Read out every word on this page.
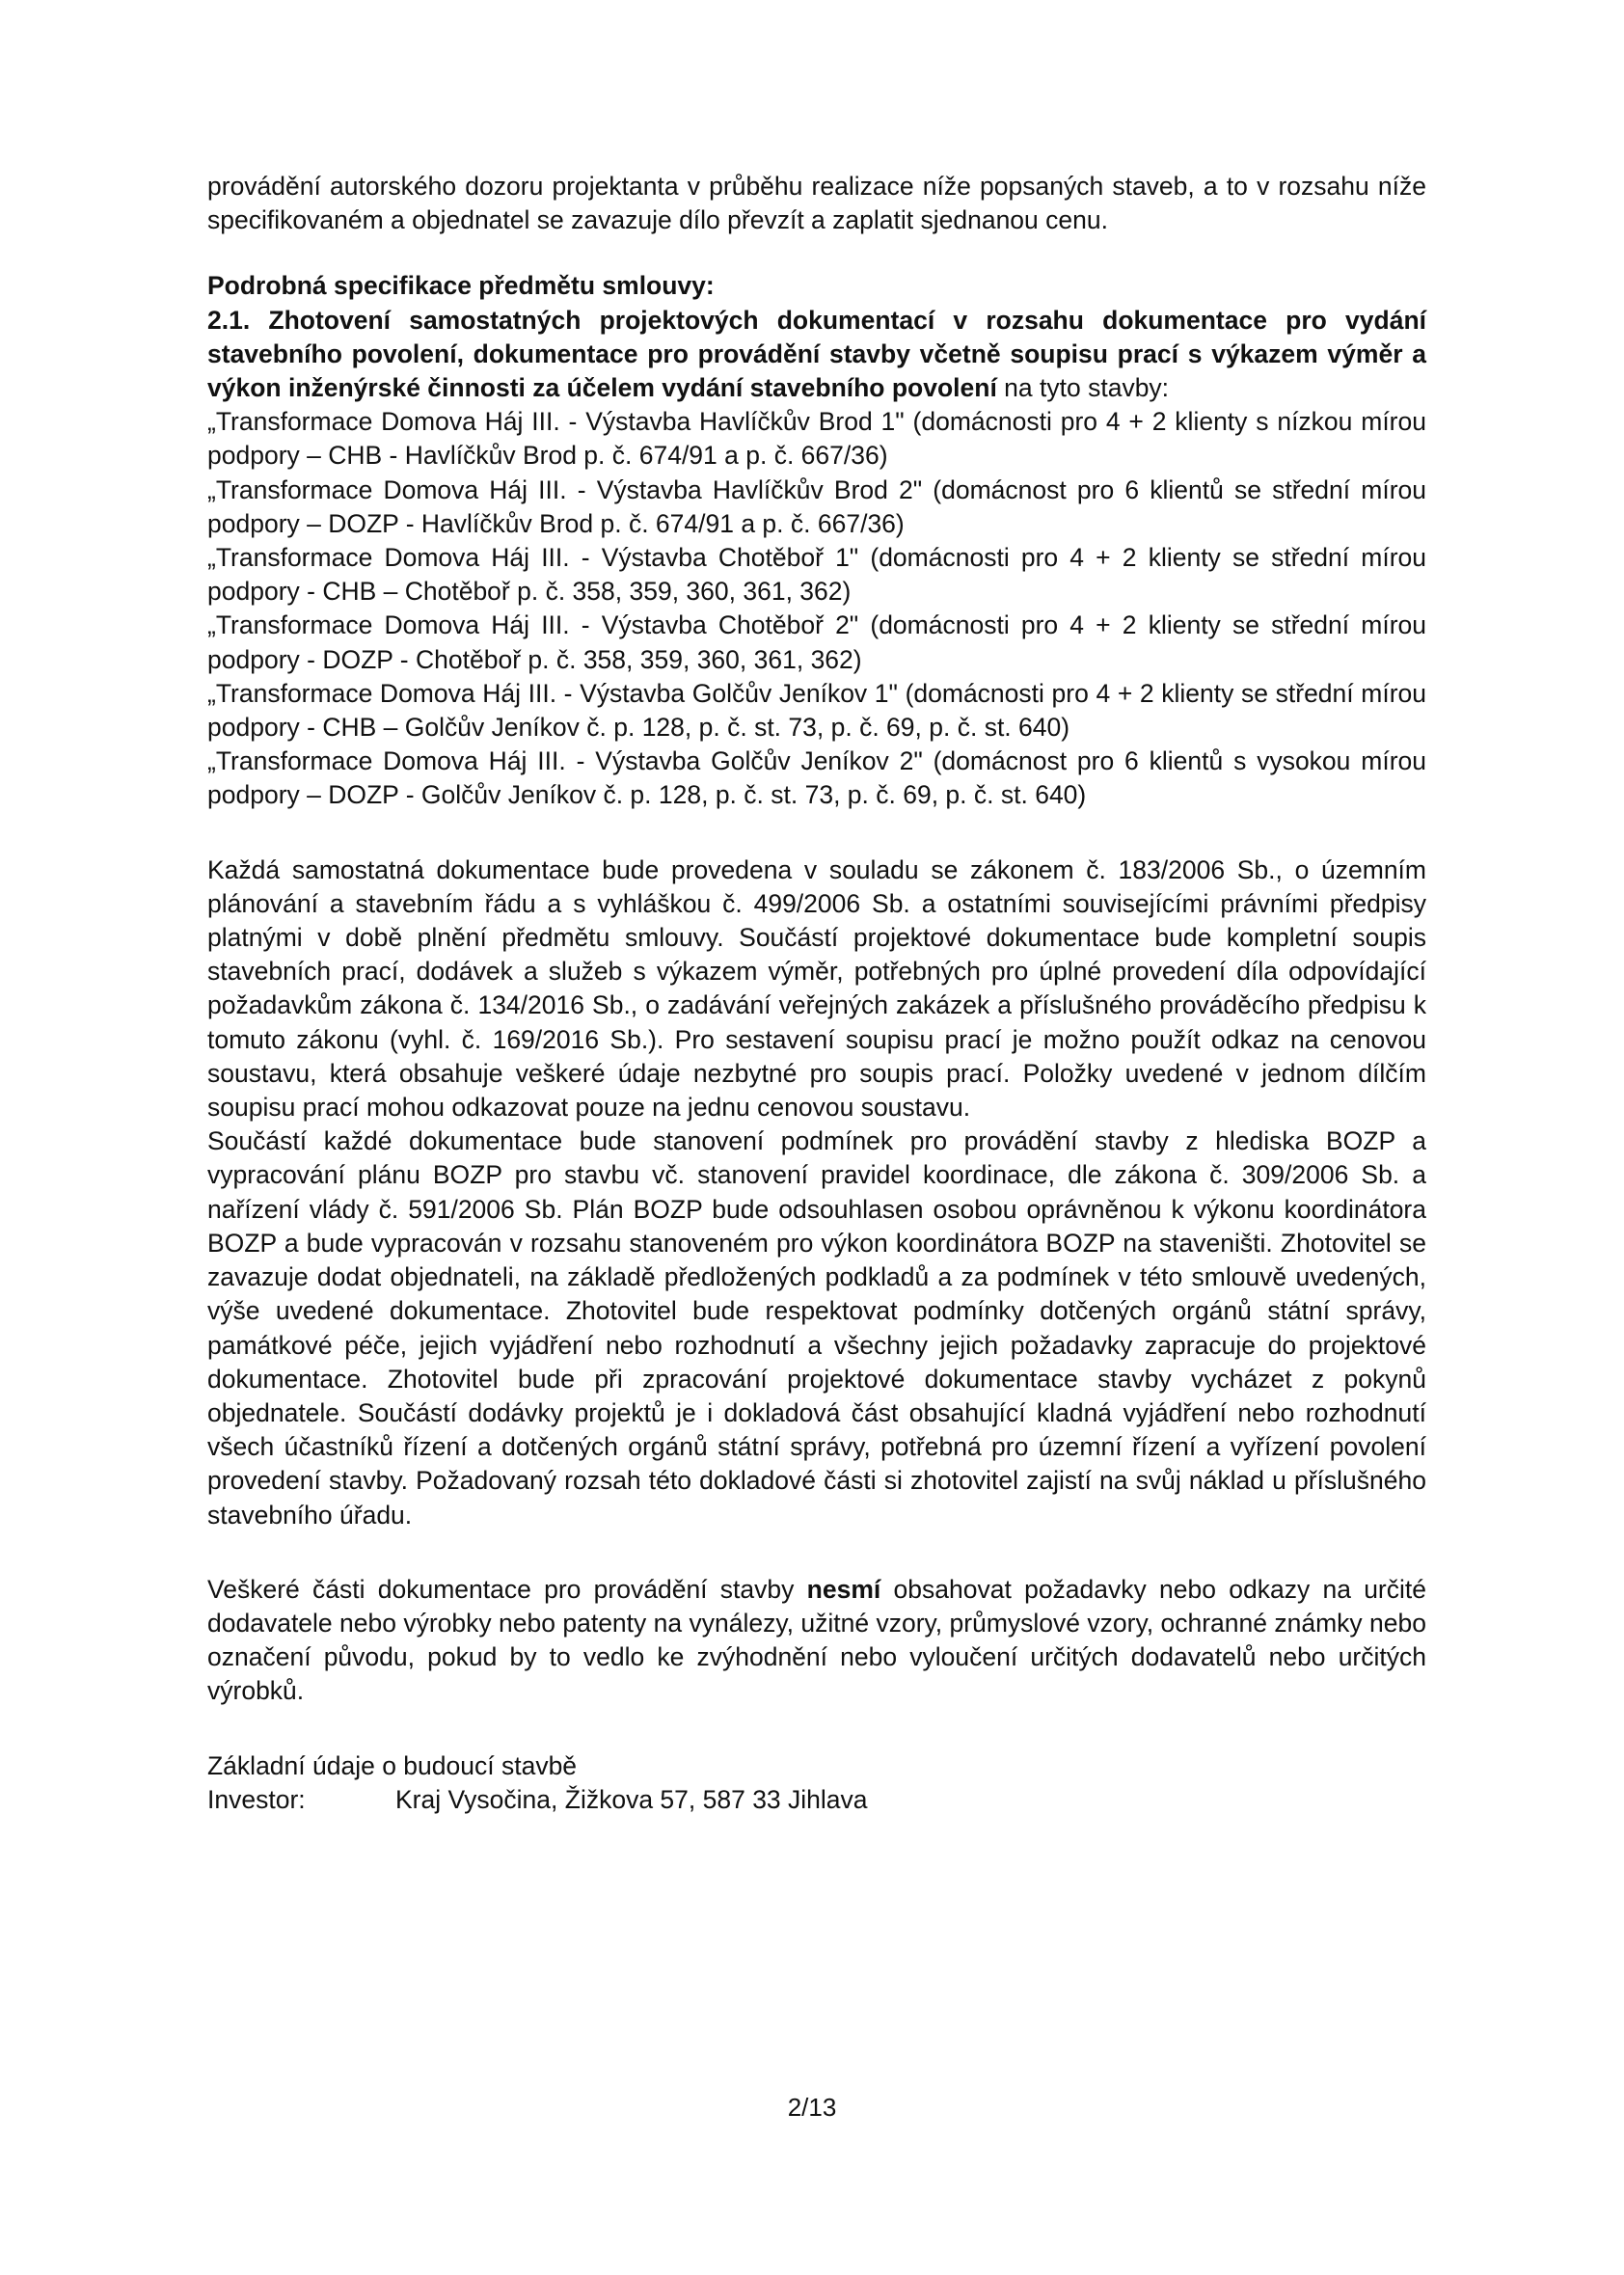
provádění autorského dozoru projektanta v průběhu realizace níže popsaných staveb, a to v rozsahu níže specifikovaném a objednatel se zavazuje dílo převzít a zaplatit sjednanou cenu.

Podrobná specifikace předmětu smlouvy:

2.1. Zhotovení samostatných projektových dokumentací v rozsahu dokumentace pro vydání stavebního povolení, dokumentace pro provádění stavby včetně soupisu prací s výkazem výměr a výkon inženýrské činnosti za účelem vydání stavebního povolení na tyto stavby:

„Transformace Domova Háj III. - Výstavba Havlíčkův Brod 1" (domácnosti pro 4 + 2 klienty s nízkou mírou podpory – CHB - Havlíčkův Brod p. č. 674/91 a p. č. 667/36)

„Transformace Domova Háj III. - Výstavba Havlíčkův Brod 2" (domácnost pro 6 klientů se střední mírou podpory – DOZP - Havlíčkův Brod p. č. 674/91 a p. č. 667/36)

„Transformace Domova Háj III. - Výstavba Chotěboř 1" (domácnosti pro 4 + 2 klienty se střední mírou podpory - CHB – Chotěboř p. č. 358, 359, 360, 361, 362)

„Transformace Domova Háj III. - Výstavba Chotěboř 2" (domácnosti pro 4 + 2 klienty se střední mírou podpory - DOZP - Chotěboř p. č. 358, 359, 360, 361, 362)

„Transformace Domova Háj III. - Výstavba Golčův Jeníkov 1" (domácnosti pro 4 + 2 klienty se střední mírou podpory - CHB – Golčův Jeníkov č. p. 128, p. č. st. 73, p. č. 69, p. č. st. 640)

„Transformace Domova Háj III. - Výstavba Golčův Jeníkov 2" (domácnost pro 6 klientů s vysokou mírou podpory – DOZP - Golčův Jeníkov č. p. 128, p. č. st. 73, p. č. 69, p. č. st. 640)

Každá samostatná dokumentace bude provedena v souladu se zákonem č. 183/2006 Sb., o územním plánování a stavebním řádu a s vyhláškou č. 499/2006 Sb. a ostatními souvisejícími právními předpisy platnými v době plnění předmětu smlouvy. Součástí projektové dokumentace bude kompletní soupis stavebních prací, dodávek a služeb s výkazem výměr, potřebných pro úplné provedení díla odpovídající požadavkům zákona č. 134/2016 Sb., o zadávání veřejných zakázek a příslušného prováděcího předpisu k tomuto zákonu (vyhl. č. 169/2016 Sb.). Pro sestavení soupisu prací je možno použít odkaz na cenovou soustavu, která obsahuje veškeré údaje nezbytné pro soupis prací. Položky uvedené v jednom dílčím soupisu prací mohou odkazovat pouze na jednu cenovou soustavu.

Součástí každé dokumentace bude stanovení podmínek pro provádění stavby z hlediska BOZP a vypracování plánu BOZP pro stavbu vč. stanovení pravidel koordinace, dle zákona č. 309/2006 Sb. a nařízení vlády č. 591/2006 Sb. Plán BOZP bude odsouhlasen osobou oprávněnou k výkonu koordinátora BOZP a bude vypracován v rozsahu stanoveném pro výkon koordinátora BOZP na staveništi. Zhotovitel se zavazuje dodat objednateli, na základě předložených podkladů a za podmínek v této smlouvě uvedených, výše uvedené dokumentace. Zhotovitel bude respektovat podmínky dotčených orgánů státní správy, památkové péče, jejich vyjádření nebo rozhodnutí a všechny jejich požadavky zapracuje do projektové dokumentace. Zhotovitel bude při zpracování projektové dokumentace stavby vycházet z pokynů objednatele. Součástí dodávky projektů je i dokladová část obsahující kladná vyjádření nebo rozhodnutí všech účastníků řízení a dotčených orgánů státní správy, potřebná pro územní řízení a vyřízení povolení provedení stavby. Požadovaný rozsah této dokladové části si zhotovitel zajistí na svůj náklad u příslušného stavebního úřadu.

Veškeré části dokumentace pro provádění stavby nesmí obsahovat požadavky nebo odkazy na určité dodavatele nebo výrobky nebo patenty na vynálezy, užitné vzory, průmyslové vzory, ochranné známky nebo označení původu, pokud by to vedlo ke zvýhodnění nebo vyloučení určitých dodavatelů nebo určitých výrobků.

Základní údaje o budoucí stavbě

Investor:	Kraj Vysočina, Žižkova 57, 587 33 Jihlava
2/13
